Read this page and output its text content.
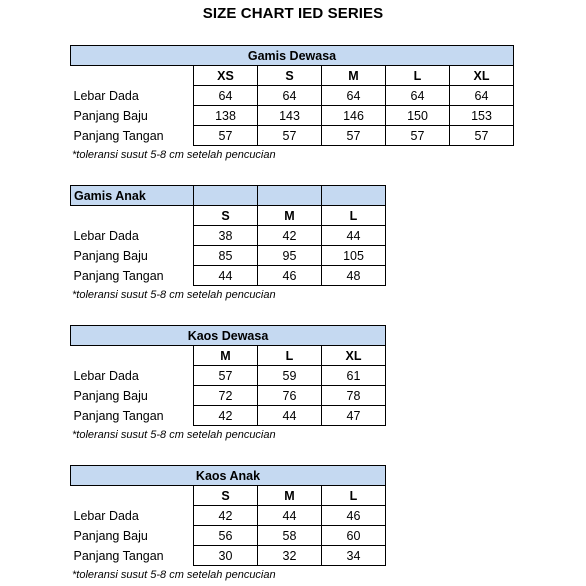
SIZE CHART IED SERIES
Gamis Dewasa					
	XS	S	M	L	XL
Lebar Dada	64	64	64	64	64
Panjang Baju	138	143	146	150	153
Panjang Tangan	57	57	57	57	57
*toleransi susut 5-8 cm setelah pencucian
Gamis Anak			
	S	M	L
Lebar Dada	38	42	44
Panjang Baju	85	95	105
Panjang Tangan	44	46	48
*toleransi susut 5-8 cm setelah pencucian
Kaos Dewasa			
	M	L	XL
Lebar Dada	57	59	61
Panjang Baju	72	76	78
Panjang Tangan	42	44	47
*toleransi susut 5-8 cm setelah pencucian
Kaos Anak			
	S	M	L
Lebar Dada	42	44	46
Panjang Baju	56	58	60
Panjang Tangan	30	32	34
*toleransi susut 5-8 cm setelah pencucian
